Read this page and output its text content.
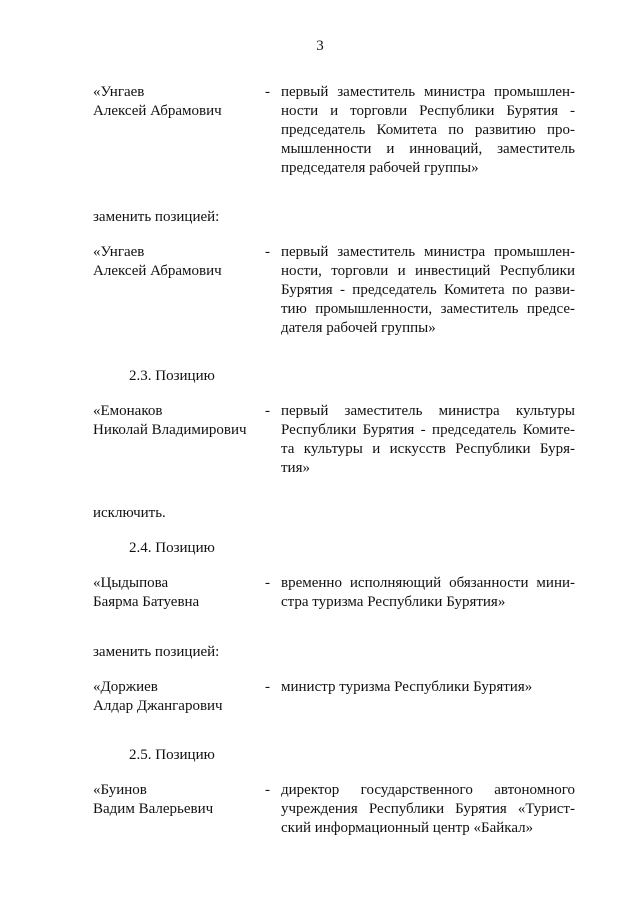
3
«Унгаев
Алексей Абрамович
- первый заместитель министра промышлен-
ности и торговли Республики Бурятия -
председатель Комитета по развитию про-
мышленности и инноваций, заместитель
председателя рабочей группы»
заменить позицией:
«Унгаев
Алексей Абрамович
- первый заместитель министра промышлен-
ности, торговли и инвестиций Республики
Бурятия - председатель Комитета по разви-
тию промышленности, заместитель предсе-
дателя рабочей группы»
2.3. Позицию
«Емонаков
Николай Владимирович
- первый заместитель министра культуры
Республики Бурятия - председатель Комите-
та культуры и искусств Республики Буря-
тия»
исключить.
2.4. Позицию
«Цыдыпова
Баярма Батуевна
- временно исполняющий обязанности мини-
стра туризма Республики Бурятия»
заменить позицией:
«Доржиев
Алдар Джангарович
- министр туризма Республики Бурятия»
2.5. Позицию
«Буинов
Вадим Валерьевич
- директор государственного автономного
учреждения Республики Бурятия «Турист-
ский информационный центр «Байкал»
